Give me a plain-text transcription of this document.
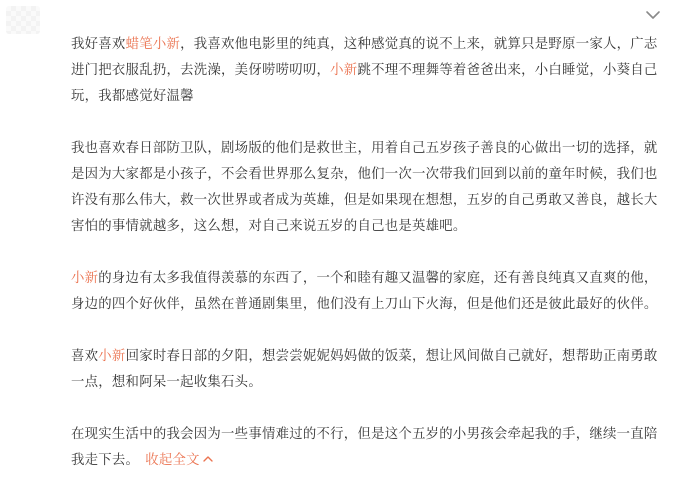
我好喜欢蜡笔小新，我喜欢他电影里的纯真，这种感觉真的说不上来，就算只是野原一家人，广志进门把衣服乱扔，去洗澡，美伢唠唠叨叨，小新跳不理不理舞等着爸爸出来，小白睡觉，小葵自己玩，我都感觉好温馨

我也喜欢春日部防卫队，剧场版的他们是救世主，用着自己五岁孩子善良的心做出一切的选择，就是因为大家都是小孩子，不会看世界那么复杂，他们一次一次带我们回到以前的童年时候，我们也许没有那么伟大，救一次世界或者成为英雄，但是如果现在想想，五岁的自己勇敢又善良，越长大害怕的事情就越多，这么想，对自己来说五岁的自己也是英雄吧。

小新的身边有太多我值得羡慕的东西了，一个和睦有趣又温馨的家庭，还有善良纯真又直爽的他，身边的四个好伙伴，虽然在普通剧集里，他们没有上刀山下火海，但是他们还是彼此最好的伙伴。

喜欢小新回家时春日部的夕阳，想尝尝妮妮妈妈做的饭菜，想让风间做自己就好，想帮助正南勇敢一点，想和阿呆一起收集石头。

在现实生活中的我会因为一些事情难过的不行，但是这个五岁的小男孩会牵起我的手，继续一直陪我走下去。 收起全文
